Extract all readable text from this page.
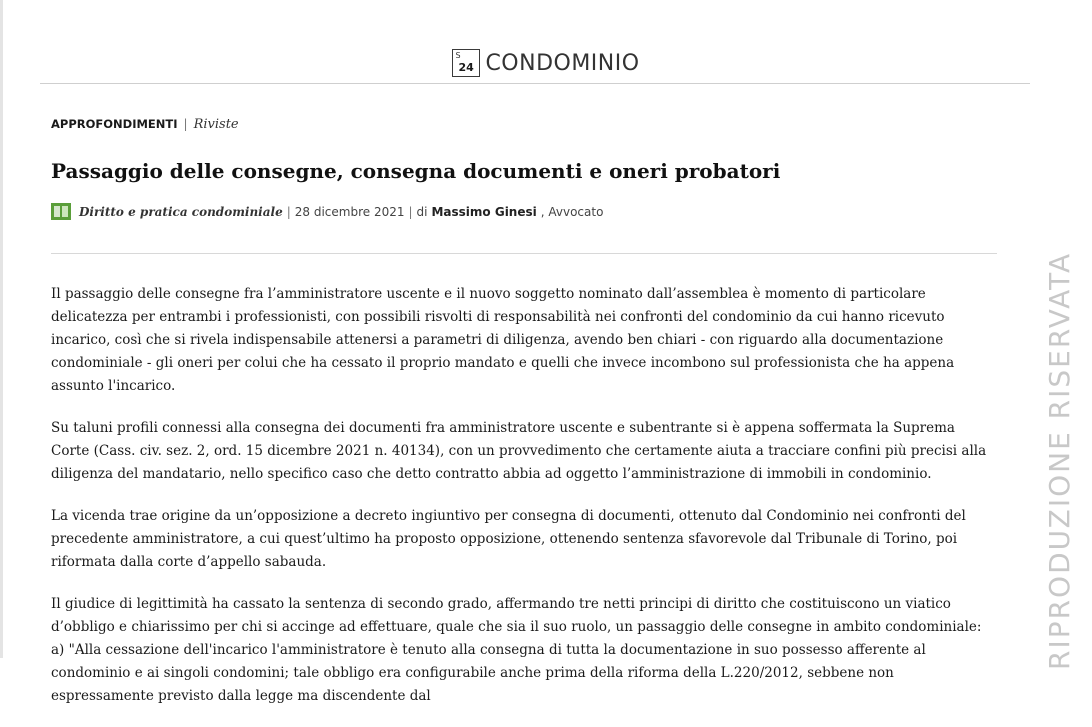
S
24 CONDOMINIO
APPROFONDIMENTI | Riviste
Passaggio delle consegne, consegna documenti e oneri probatori
Diritto e pratica condominiale | 28 dicembre 2021 | di
Massimo Ginesi
, Avvocato

Il passaggio delle consegne fra l’amministratore uscente e il nuovo soggetto nominato dall’assemblea è momento di particolare delicatezza per entrambi i professionisti, con possibili risvolti di responsabilità nei confronti del condominio da cui hanno ricevuto incarico, così che si rivela indispensabile attenersi a parametri di diligenza, avendo ben chiari - con riguardo alla documentazione condominiale - gli oneri per colui che ha cessato il proprio mandato e quelli che invece incombono sul professionista che ha appena assunto l'incarico.

Su taluni profili connessi alla consegna dei documenti fra amministratore uscente e subentrante si è appena soffermata la Suprema Corte (Cass. civ. sez. 2, ord. 15 dicembre 2021 n. 40134), con un provvedimento che certamente aiuta a tracciare confini più precisi alla diligenza del mandatario, nello specifico caso che detto contratto abbia ad oggetto l’amministrazione di immobili in condominio.

La vicenda trae origine da un’opposizione a decreto ingiuntivo per consegna di documenti, ottenuto dal Condominio nei confronti del precedente amministratore, a cui quest’ultimo ha proposto opposizione, ottenendo sentenza sfavorevole dal Tribunale di Torino, poi riformata dalla corte d’appello sabauda.

Il giudice di legittimità ha cassato la sentenza di secondo grado, affermando tre netti principi di diritto che costituiscono un viatico d’obbligo e chiarissimo per chi si accinge ad effettuare, quale che sia il suo ruolo, un passaggio delle consegne in ambito condominiale: a) "Alla cessazione dell'incarico l'amministratore è tenuto alla consegna di tutta la documentazione in suo possesso afferente al condominio e ai singoli condomini; tale obbligo era configurabile anche prima della riforma della L.220/2012, sebbene non espressamente previsto dalla legge ma discendente dal

RIPRODUZIONE RISERVATA
